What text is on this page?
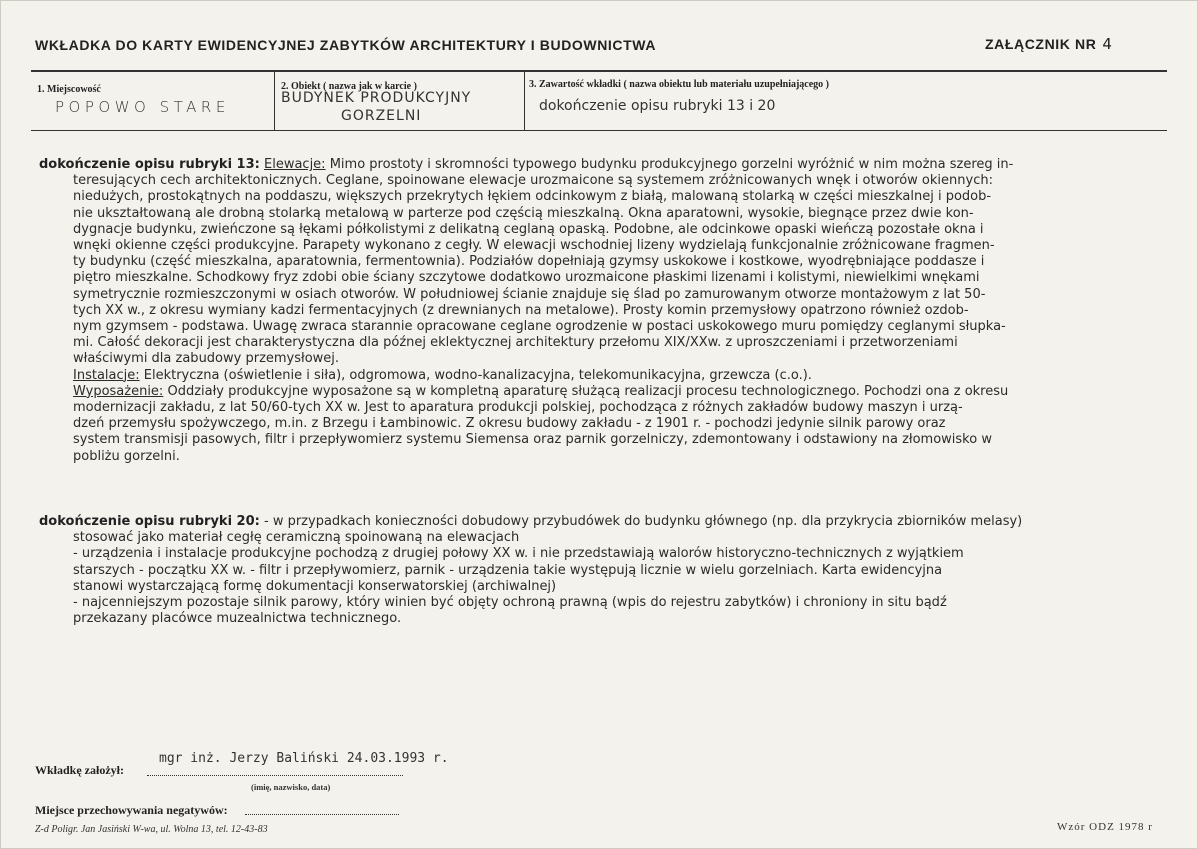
WKŁADKA DO KARTY EWIDENCYJNEJ ZABYTKÓW ARCHITEKTURY I BUDOWNICTWA	ZAŁĄCZNIK NR 4
1. Miejscowość
POPOWO STARE
2. Obiekt ( nazwa jak w karcie )
BUDYNEK PRODUKCYJNY
GORZELNI
3. Zawartość wkładki ( nazwa obiektu lub materiału uzupełniającego )
dokończenie opisu rubryki 13 i 20

dokończenie opisu rubryki 13: Elewacje: Mimo prostoty i skromności typowego budynku produkcyjnego gorzelni wyróżnić w nim można szereg in-

teresujących cech architektonicznych. Ceglane, spoinowane elewacje urozmaicone są systemem zróżnicowanych wnęk i otworów okiennych:
niedużych, prostokątnych na poddaszu, większych przekrytych łękiem odcinkowym z białą, malowaną stolarką w części mieszkalnej i podob-
nie ukształtowaną ale drobną stolarką metalową w parterze pod częścią mieszkalną. Okna aparatowni, wysokie, biegnące przez dwie kon-
dygnacje budynku, zwieńczone są łękami półkolistymi z delikatną ceglaną opaską. Podobne, ale odcinkowe opaski wieńczą pozostałe okna i
wnęki okienne części produkcyjne. Parapety wykonano z cegły. W elewacji wschodniej lizeny wydzielają funkcjonalnie zróżnicowane fragmen-
ty budynku (część mieszkalna, aparatownia, fermentownia). Podziałów dopełniają gzymsy uskokowe i kostkowe, wyodrębniające poddasze i
piętro mieszkalne. Schodkowy fryz zdobi obie ściany szczytowe dodatkowo urozmaicone płaskimi lizenami i kolistymi, niewielkimi wnękami
symetrycznie rozmieszczonymi w osiach otworów. W południowej ścianie znajduje się ślad po zamurowanym otworze montażowym z lat 50-
tych XX w., z okresu wymiany kadzi fermentacyjnych (z drewnianych na metalowe). Prosty komin przemysłowy opatrzono również ozdob-
nym gzymsem - podstawa. Uwagę zwraca starannie opracowane ceglane ogrodzenie w postaci uskokowego muru pomiędzy ceglanymi słupka-
mi. Całość dekoracji jest charakterystyczna dla późnej eklektycznej architektury przełomu XIX/XXw. z uproszczeniami i przetworzeniami
właściwymi dla zabudowy przemysłowej.
Instalacje: Elektryczna (oświetlenie i siła), odgromowa, wodno-kanalizacyjna, telekomunikacyjna, grzewcza (c.o.).
Wyposażenie: Oddziały produkcyjne wyposażone są w kompletną aparaturę służącą realizacji procesu technologicznego. Pochodzi ona z okresu
modernizacji zakładu, z lat 50/60-tych XX w. Jest to aparatura produkcji polskiej, pochodząca z różnych zakładów budowy maszyn i urzą-
dzeń przemysłu spożywczego, m.in. z Brzegu i Łambinowic. Z okresu budowy zakładu - z 1901 r. - pochodzi jedynie silnik parowy oraz
system transmisji pasowych, filtr i przepływomierz systemu Siemensa oraz parnik gorzelniczy, zdemontowany i odstawiony na złomowisko w
pobliżu gorzelni.

dokończenie opisu rubryki 20: - w przypadkach konieczności dobudowy przybudówek do budynku głównego (np. dla przykrycia zbiorników melasy)

stosować jako materiał cegłę ceramiczną spoinowaną na elewacjach
- urządzenia i instalacje produkcyjne pochodzą z drugiej połowy XX w. i nie przedstawiają walorów historyczno-technicznych z wyjątkiem
starszych - początku XX w. - filtr i przepływomierz, parnik - urządzenia takie występują licznie w wielu gorzelniach. Karta ewidencyjna
stanowi wystarczającą formę dokumentacji konserwatorskiej (archiwalnej)
- najcenniejszym pozostaje silnik parowy, który winien być objęty ochroną prawną (wpis do rejestru zabytków) i chroniony in situ bądź
przekazany placówce muzealnictwa technicznego.
Wkładkę założył:
mgr inż. Jerzy Baliński 24.03.1993 r.
(imię, nazwisko, data)
Miejsce przechowywania negatywów:
Z-d Poligr. Jan Jasiński W-wa, ul. Wolna 13, tel. 12-43-83	Wzór ODZ 1978 r
